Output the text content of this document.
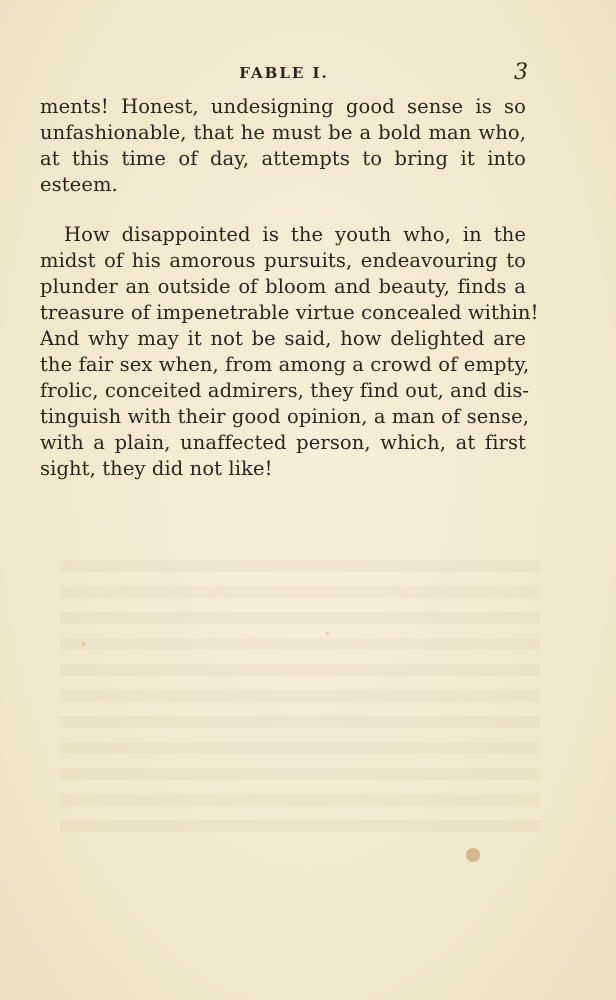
FABLE I.	3
ments! Honest, undesigning good sense is so
unfashionable, that he must be a bold man who,
at this time of day, attempts to bring it into
esteem.
How disappointed is the youth who, in the
midst of his amorous pursuits, endeavouring to
plunder an outside of bloom and beauty, finds a
treasure of impenetrable virtue concealed within!
And why may it not be said, how delighted are
the fair sex when, from among a crowd of empty,
frolic, conceited admirers, they find out, and dis-
tinguish with their good opinion, a man of sense,
with a plain, unaffected person, which, at first
sight, they did not like!
